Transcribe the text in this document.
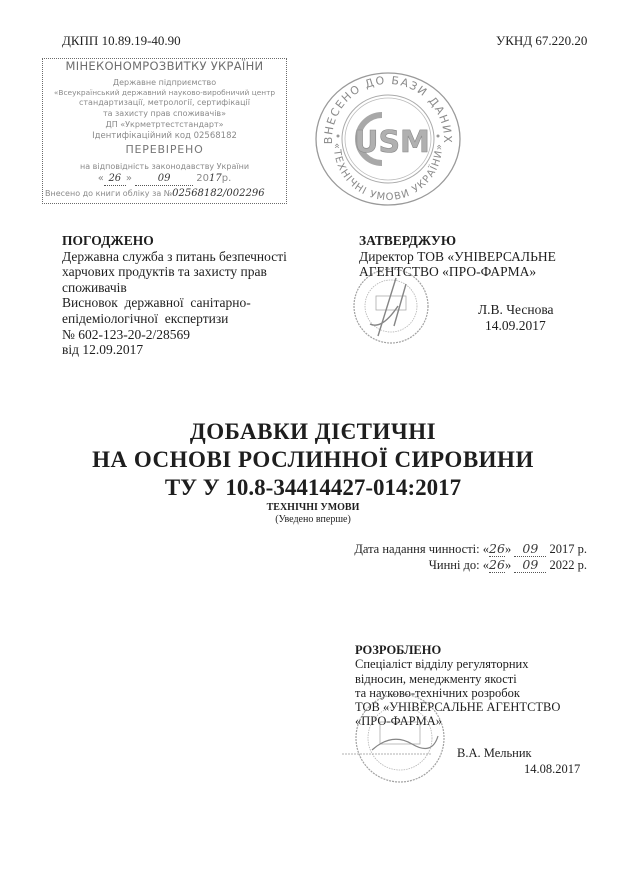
ДКПП 10.89.19-40.90	УКНД 67.220.20
МІНЕКОНОМРОЗВИТКУ УКРАЇНИ
Державне підприємство
«Всеукраїнський державний науково-виробничий центр
стандартизації, метрології, сертифікації
та захисту прав споживачів»
ДП «Укрметртестстандарт»
Ідентифікаційний код 02568182
ПЕРЕВІРЕНО
на відповідність законодавству України
« 26 » 09	2017р.
Внесено до книги обліку за №02568182/002296
ВНЕСЕНО ДО БАЗИ ДАНИХ
«ТЕХНІЧНІ УМОВИ УКРАЇНИ»
USM
ПОГОДЖЕНО
Державна служба з питань безпечності
харчових продуктів та захисту прав
споживачів
Висновок  державної  санітарно-
епідеміологічної  експертизи
№ 602-123-20-2/28569
від 12.09.2017
ЗАТВЕРДЖУЮ
Директор ТОВ «УНІВЕРСАЛЬНЕ
АГЕНТСТВО «ПРО-ФАРМА»
Л.В. Чеснова
14.09.2017
ДОБАВКИ ДІЄТИЧНІ
НА ОСНОВІ РОСЛИННОЇ СИРОВИНИ
ТУ У 10.8-34414427-014:2017
ТЕХНІЧНІ УМОВИ
(Уведено вперше)
Дата надання чинності: «26» 09 2017 р.
Чинні до: «26» 09 2022 р.
РОЗРОБЛЕНО
Спеціаліст відділу регуляторних
відносин, менеджменту якості
та науково-технічних розробок
ТОВ «УНІВЕРСАЛЬНЕ АГЕНТСТВО
«ПРО-ФАРМА»
В.А. Мельник
14.08.2017
